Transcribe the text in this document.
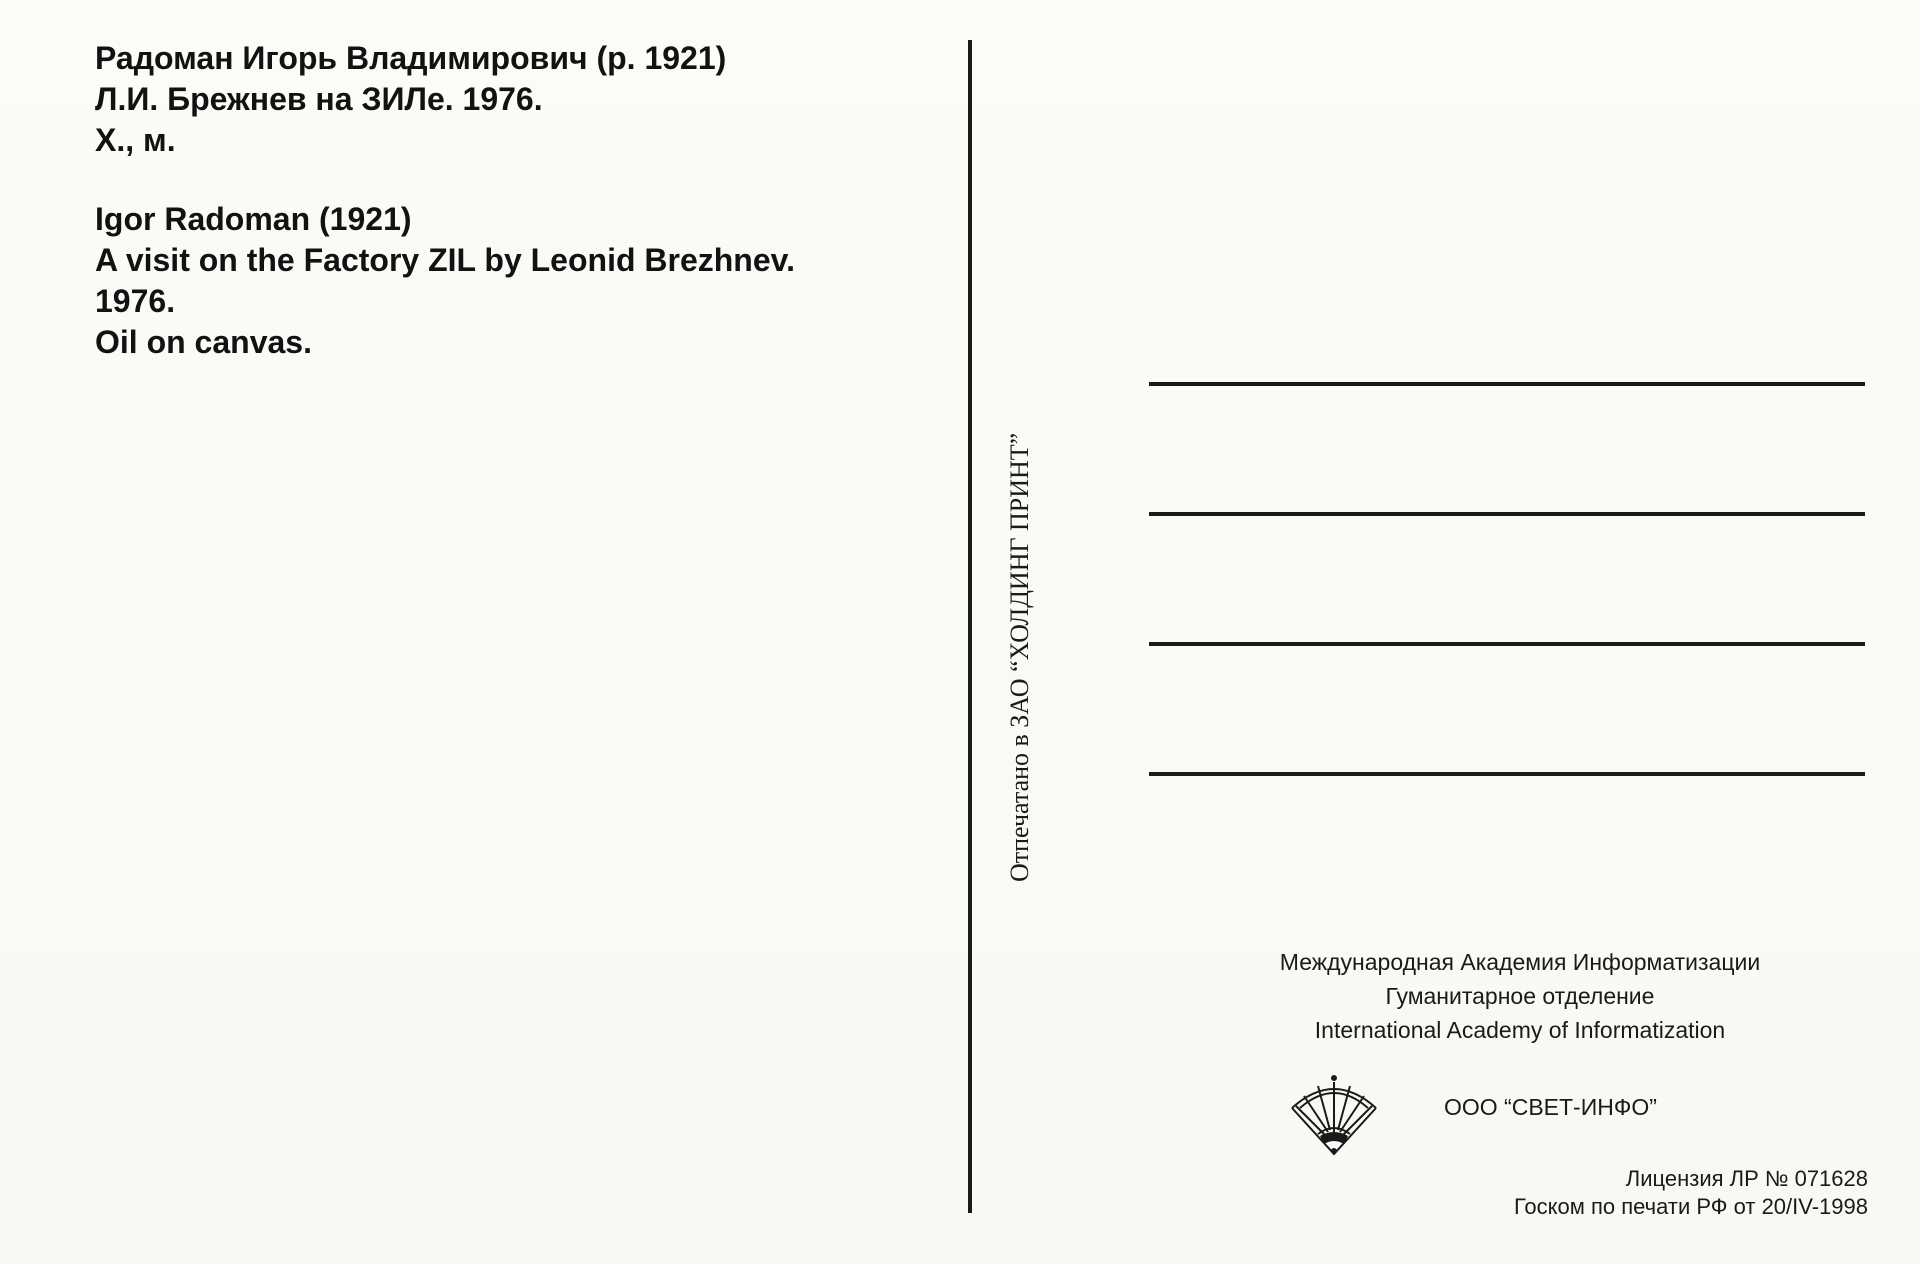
Радоман Игорь Владимирович (р. 1921)
Л.И. Брежнев на ЗИЛе. 1976.
Х., м.
Igor Radoman (1921)
A visit on the Factory ZIL by Leonid Brezhnev.
1976.
Oil on canvas.
Отпечатано в ЗАО “ХОЛДИНГ ПРИНТ”
Международная Академия Информатизации
Гуманитарное отделение
International Academy of Informatization
ООО “СВЕТ-ИНФО”
Лицензия ЛР № 071628
Госком по печати РФ от 20/IV-1998
